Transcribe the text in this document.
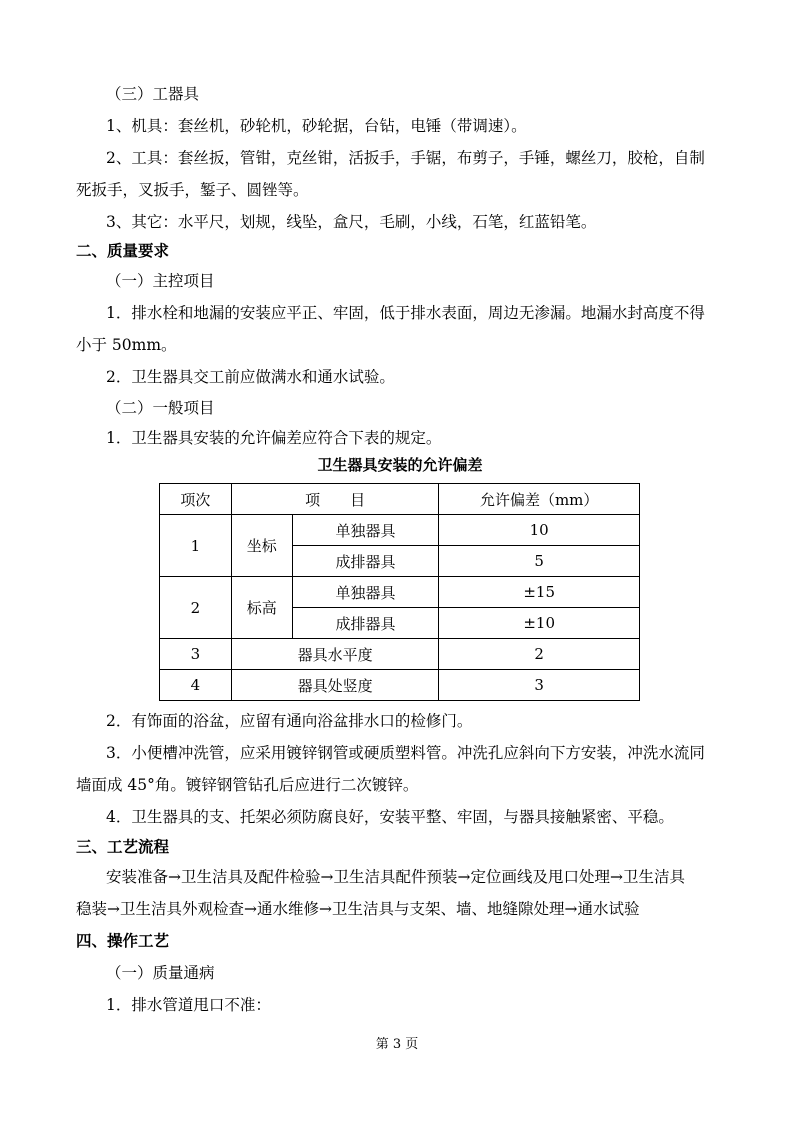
（三）工器具
1、机具：套丝机，砂轮机，砂轮据，台钻，电锤（带调速）。
2、工具：套丝扳，管钳，克丝钳，活扳手，手锯，布剪子，手锤，螺丝刀，胶枪，自制
死扳手，叉扳手，錾子、圆锉等。
3、其它：水平尺，划规，线坠，盒尺，毛刷，小线，石笔，红蓝铅笔。
二、质量要求
（一）主控项目
1．排水栓和地漏的安装应平正、牢固，低于排水表面，周边无渗漏。地漏水封高度不得
小于 50mm。
2．卫生器具交工前应做满水和通水试验。
（二）一般项目
1．卫生器具安装的允许偏差应符合下表的规定。
卫生器具安装的允许偏差
项次	项　　目		允许偏差（mm）
1	坐标	单独器具	10
		成排器具	5
2	标高	单独器具	±15
		成排器具	±10
3	器具水平度		2
4	器具处竖度		3
2．有饰面的浴盆，应留有通向浴盆排水口的检修门。
3．小便槽冲洗管，应采用镀锌钢管或硬质塑料管。冲洗孔应斜向下方安装，冲洗水流同
墙面成 45°角。镀锌钢管钻孔后应进行二次镀锌。
4．卫生器具的支、托架必须防腐良好，安装平整、牢固，与器具接触紧密、平稳。
三、工艺流程
安装准备→卫生洁具及配件检验→卫生洁具配件预装→定位画线及甩口处理→卫生洁具
稳装→卫生洁具外观检查→通水维修→卫生洁具与支架、墙、地缝隙处理→通水试验
四、操作工艺
（一）质量通病
1．排水管道甩口不准：
第 3 页
